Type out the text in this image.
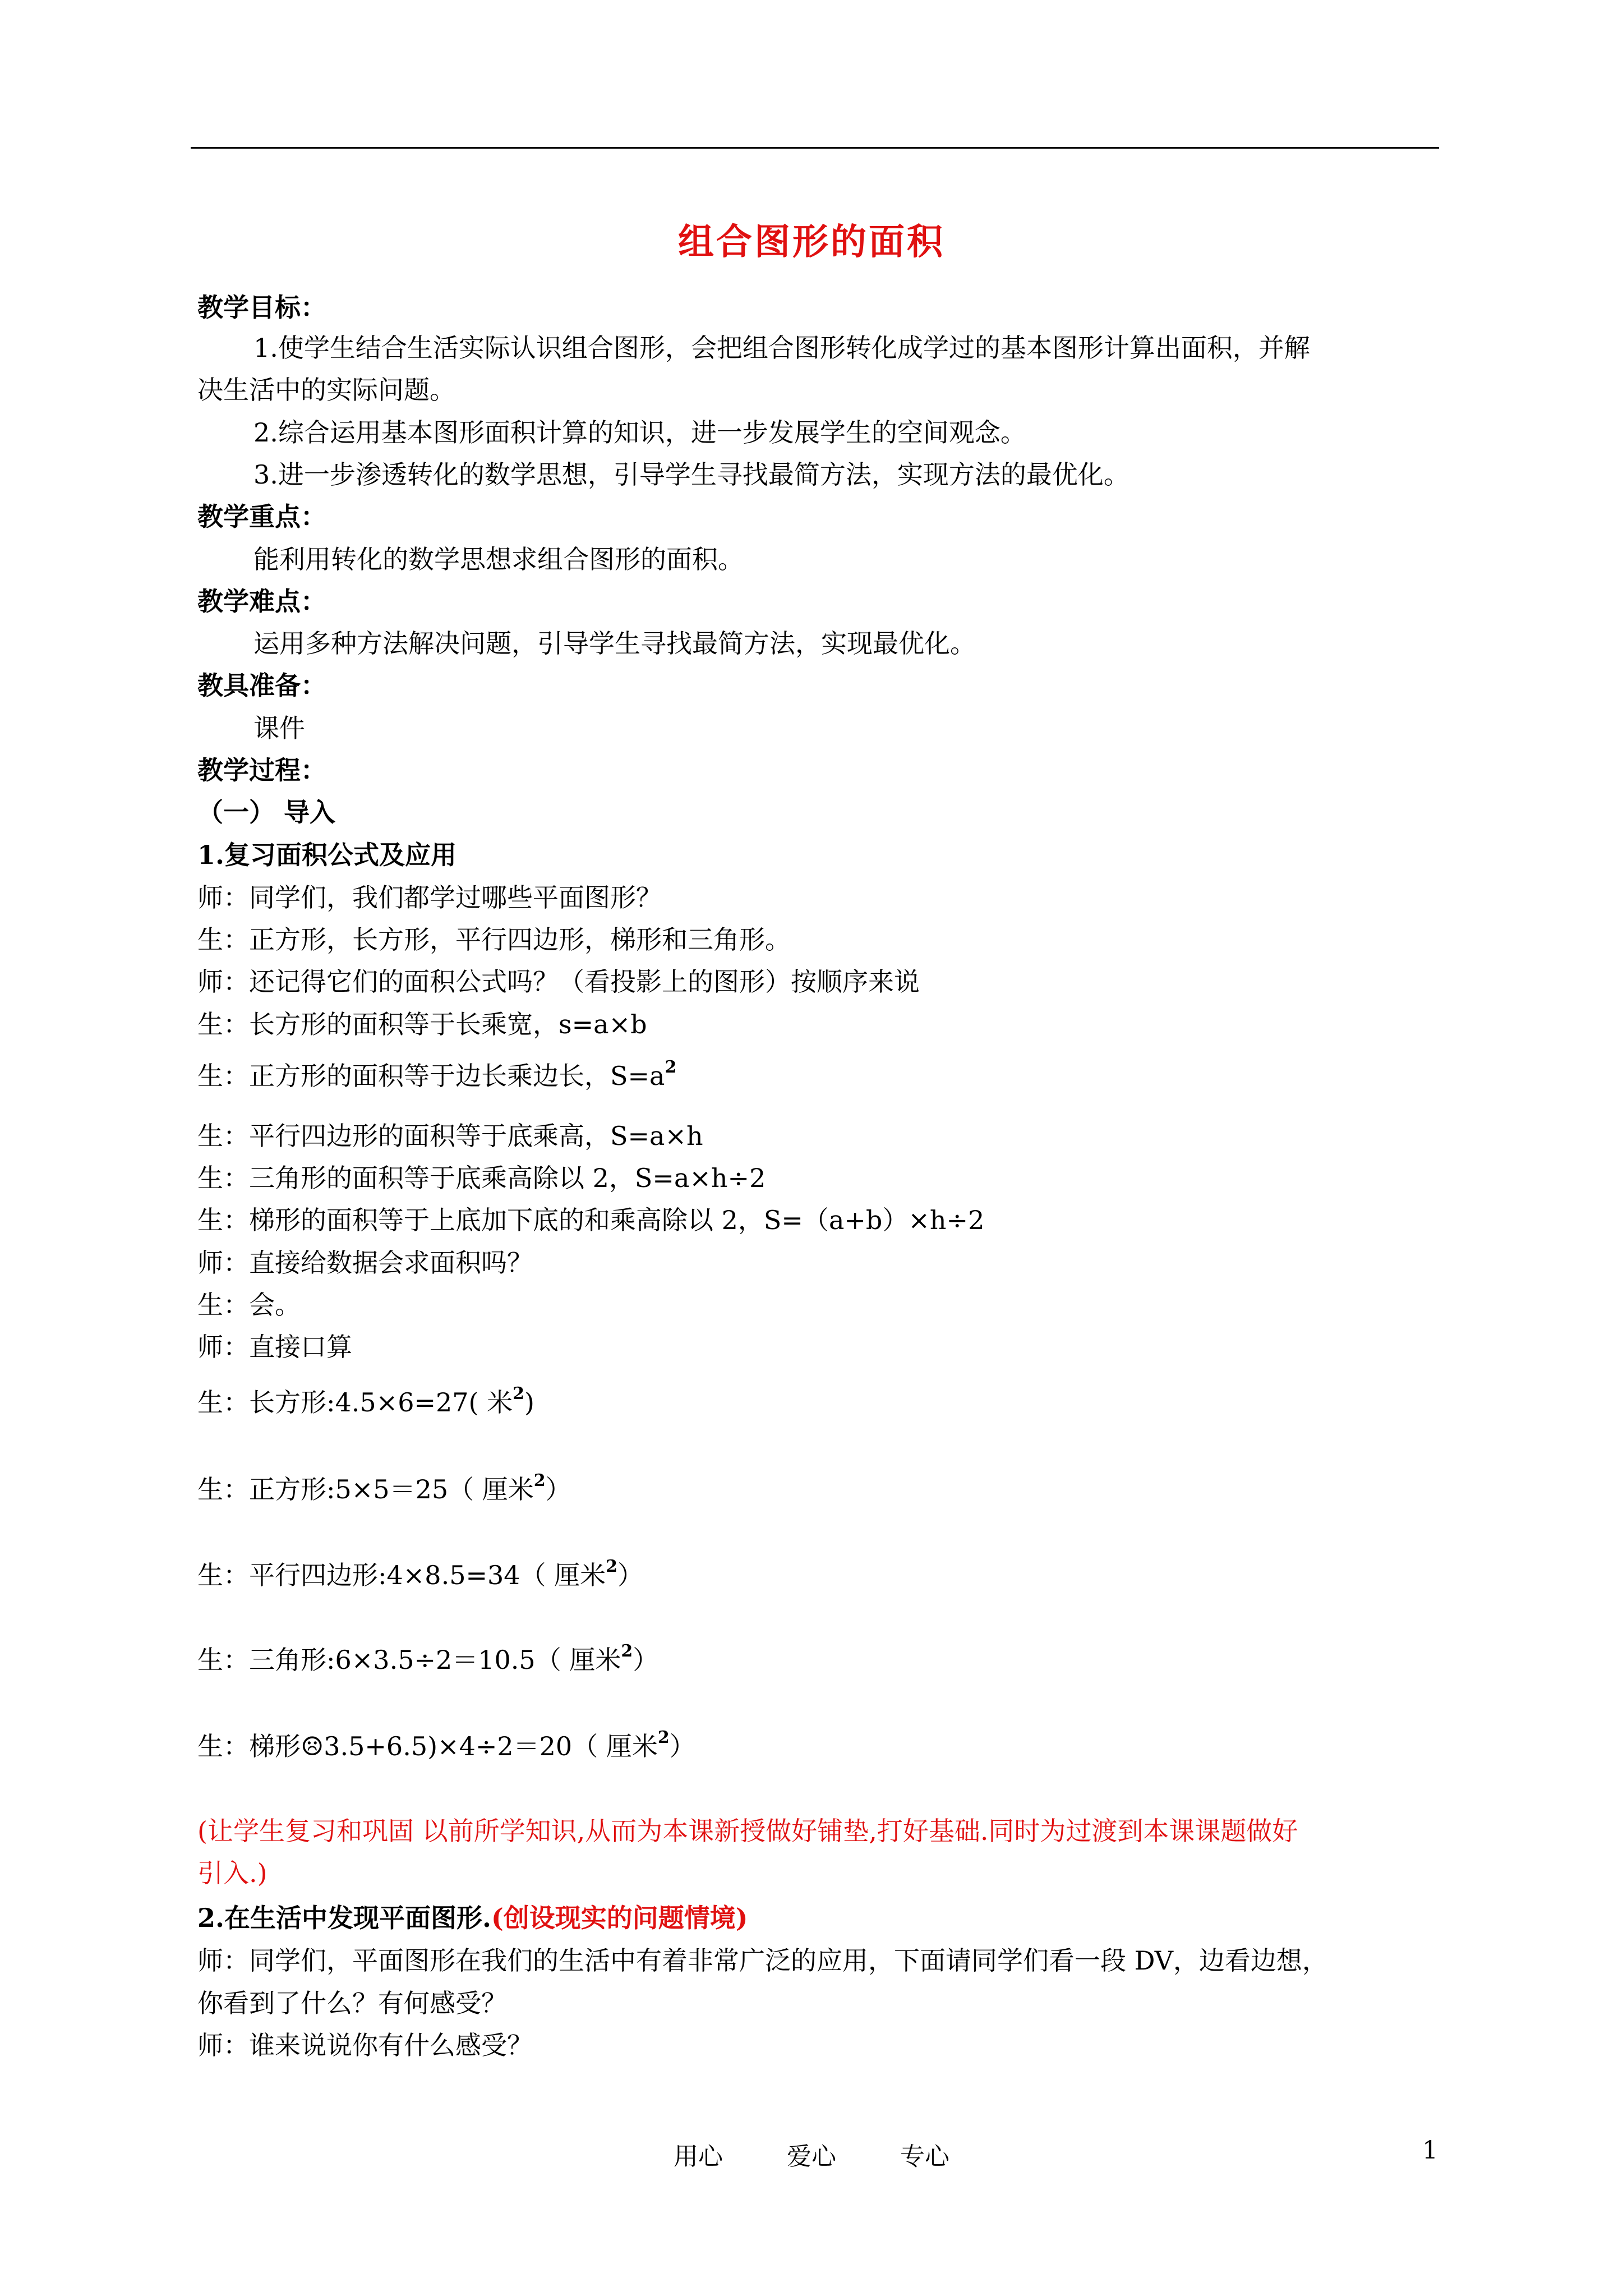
组合图形的面积
教学目标：
1.使学生结合生活实际认识组合图形，会把组合图形转化成学过的基本图形计算出面积，并解
决生活中的实际问题。
2.综合运用基本图形面积计算的知识，进一步发展学生的空间观念。
3.进一步渗透转化的数学思想，引导学生寻找最简方法，实现方法的最优化。
教学重点：
能利用转化的数学思想求组合图形的面积。
教学难点：
运用多种方法解决问题，引导学生寻找最简方法，实现最优化。
教具准备：
课件
教学过程：
（一） 导入
1.复习面积公式及应用
师：同学们，我们都学过哪些平面图形？
生：正方形，长方形，平行四边形，梯形和三角形。
师：还记得它们的面积公式吗？（看投影上的图形）按顺序来说
生：长方形的面积等于长乘宽，s=a×b
生：正方形的面积等于边长乘边长，$S=a^2$
生：平行四边形的面积等于底乘高，S=a×h
生：三角形的面积等于底乘高除以 2，S=a×h÷2
生：梯形的面积等于上底加下底的和乘高除以 2，S=（a+b）×h÷2
师：直接给数据会求面积吗？
生：会。
师：直接口算
生：长方形:4.5×6=27( 米$^2$)
生：正方形:5×5＝25（ 厘米$^2$）
生：平行四边形:4×8.5=34（ 厘米$^2$）
生：三角形:6×3.5÷2＝10.5（ 厘米$^2$）
生：梯形☹3.5+6.5)×4÷2＝20（ 厘米$^2$）
(让学生复习和巩固 以前所学知识,从而为本课新授做好铺垫,打好基础.同时为过渡到本课课题做好
引入.)
2.在生活中发现平面图形.(创设现实的问题情境)
师：同学们，平面图形在我们的生活中有着非常广泛的应用，下面请同学们看一段 DV，边看边想，
你看到了什么？有何感受？
师：谁来说说你有什么感受？
用心	爱心	专心	1
